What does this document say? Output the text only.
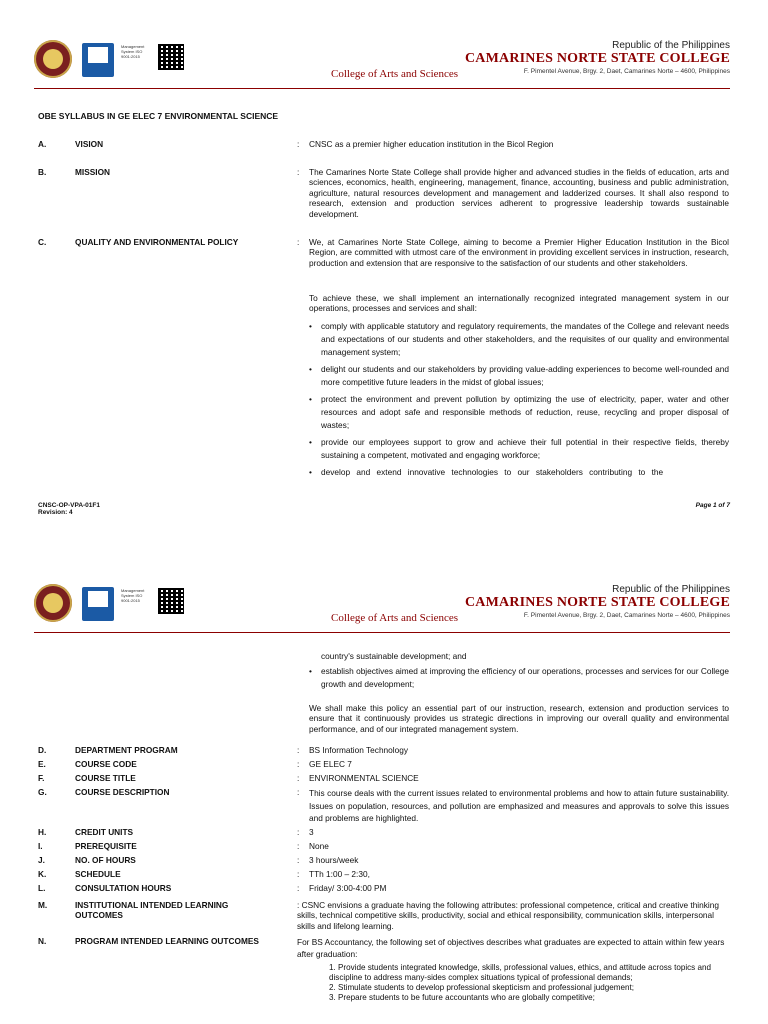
Management System ISO 9001:2015
College of Arts and Sciences
Republic of the Philippines
CAMARINES NORTE STATE COLLEGE
F. Pimentel Avenue, Brgy. 2, Daet, Camarines Norte – 4600, Philippines
OBE SYLLABUS IN GE ELEC 7 ENVIRONMENTAL SCIENCE
A.	VISION	: CNSC as a premier higher education institution in the Bicol Region
B.	MISSION	: The Camarines Norte State College shall provide higher and advanced studies in the fields of education, arts and sciences, economics, health, engineering, management, finance, accounting, business and public administration, agriculture, natural resources development and management and ladderized courses. It shall also respond to research, extension and production services adherent to progressive leadership towards sustainable development.
C.	QUALITY AND ENVIRONMENTAL POLICY	: We, at Camarines Norte State College, aiming to become a Premier Higher Education Institution in the Bicol Region, are committed with utmost care of the environment in providing excellent services in instruction, research, production and extension that are responsive to the satisfaction of our students and other stakeholders.
To achieve these, we shall implement an internationally recognized integrated management system in our operations, processes and services and shall:
• comply with applicable statutory and regulatory requirements, the mandates of the College and relevant needs and expectations of our students and other stakeholders, and the requisites of our quality and environmental management system;
• delight our students and our stakeholders by providing value-adding experiences to become well-rounded and more competitive future leaders in the midst of global issues;
• protect the environment and prevent pollution by optimizing the use of electricity, paper, water and other resources and adopt safe and responsible methods of reduction, reuse, recycling and proper disposal of wastes;
• provide our employees support to grow and achieve their full potential in their respective fields, thereby sustaining a competent, motivated and engaging workforce;
• develop and extend innovative technologies to our stakeholders contributing to the
CNSC-OP-VPA-01F1
Revision: 4
Page 1 of 7
Management System ISO 9001:2015
College of Arts and Sciences
Republic of the Philippines
CAMARINES NORTE STATE COLLEGE
F. Pimentel Avenue, Brgy. 2, Daet, Camarines Norte – 4600, Philippines
country's sustainable development; and
• establish objectives aimed at improving the efficiency of our operations, processes and services for our College growth and development;
We shall make this policy an essential part of our instruction, research, extension and production services to ensure that it continuously provides us strategic directions in improving our overall quality and environmental performance, and of our integrated management system.
D.	DEPARTMENT PROGRAM	: BS Information Technology
E.	COURSE CODE	: GE ELEC 7
F.	COURSE TITLE	: ENVIRONMENTAL SCIENCE
G.	COURSE DESCRIPTION	: This course deals with the current issues related to environmental problems and how to attain future sustainability. Issues on population, resources, and pollution are emphasized and measures and approvals to solve this issues and problems are highlighted.
H.	CREDIT UNITS	: 3
I.	PREREQUISITE	: None
J.	NO. OF HOURS	: 3 hours/week
K.	SCHEDULE	: TTh 1:00 – 2:30,
L.	CONSULTATION HOURS	: Friday/ 3:00-4:00 PM
M.	INSTITUTIONAL INTENDED LEARNING OUTCOMES
: CSNC envisions a graduate having the following attributes: professional competence, critical and creative thinking skills, technical competitive skills, productivity, social and ethical responsibility, communication skills, interpersonal skills and lifelong learning.
N.	PROGRAM INTENDED LEARNING OUTCOMES	For BS Accountancy, the following set of objectives describes what graduates are expected to attain within few years after graduation:
1. Provide students integrated knowledge, skills, professional values, ethics, and attitude across topics and discipline to address many-sides complex situations typical of professional demands;
2. Stimulate students to develop professional skepticism and professional judgement;
3. Prepare students to be future accountants who are globally competitive;
